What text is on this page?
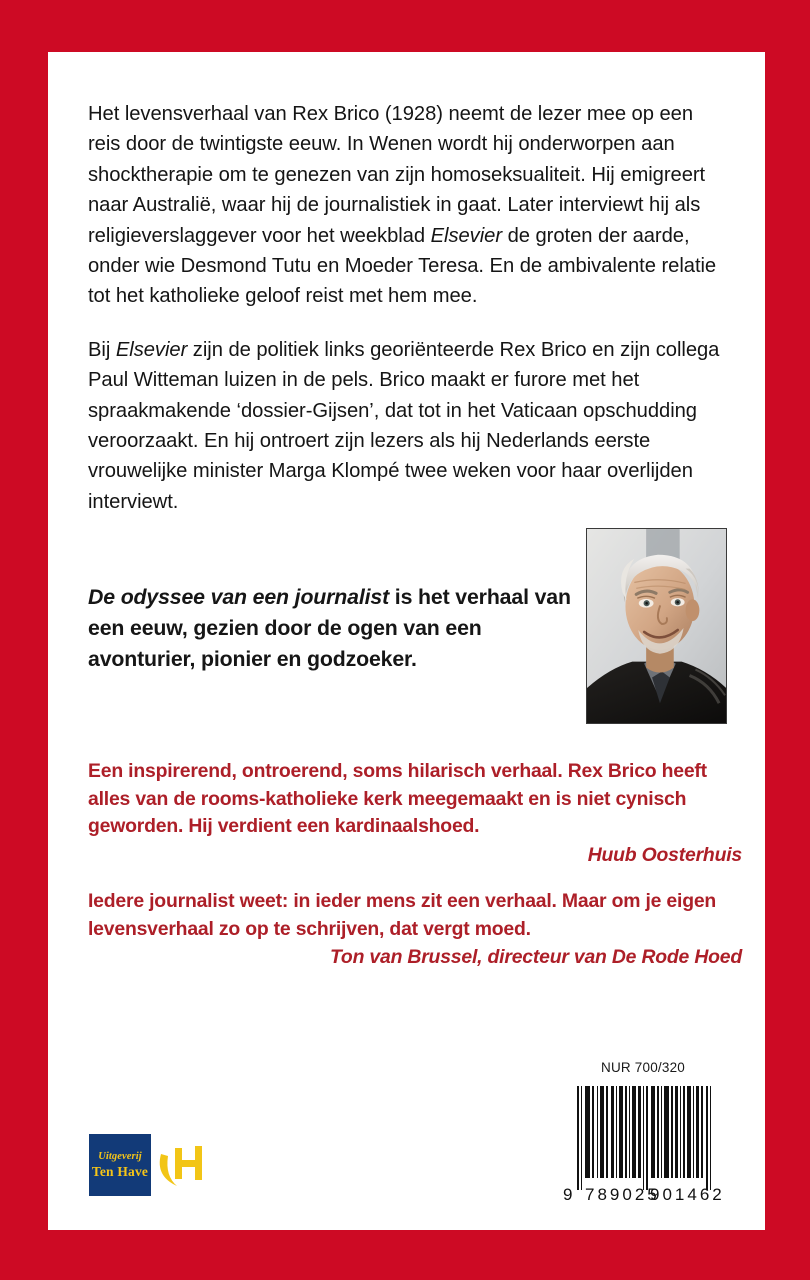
Het levensverhaal van Rex Brico (1928) neemt de lezer mee op een reis door de twintigste eeuw. In Wenen wordt hij onderworpen aan shocktherapie om te genezen van zijn homoseksualiteit. Hij emigreert naar Australië, waar hij de journalistiek in gaat. Later interviewt hij als religieverslaggever voor het weekblad Elsevier de groten der aarde, onder wie Desmond Tutu en Moeder Teresa. En de ambivalente relatie tot het katholieke geloof reist met hem mee.

Bij Elsevier zijn de politiek links georiënteerde Rex Brico en zijn collega Paul Witteman luizen in de pels. Brico maakt er furore met het spraakmakende ‘dossier-Gijsen’, dat tot in het Vaticaan opschudding veroorzaakt. En hij ontroert zijn lezers als hij Nederlands eerste vrouwelijke minister Marga Klompé twee weken voor haar overlijden interviewt.

De odyssee van een journalist is het verhaal van een eeuw, gezien door de ogen van een avonturier, pionier en godzoeker.
Een inspirerend, ontroerend, soms hilarisch verhaal. Rex Brico heeft alles van de rooms-katholieke kerk meegemaakt en is niet cynisch geworden. Hij verdient een kardinaalshoed.
Huub Oosterhuis
Iedere journalist weet: in ieder mens zit een verhaal. Maar om je eigen levensverhaal zo op te schrijven, dat vergt moed.
Ton van Brussel, directeur van De Rode Hoed
NUR 700/320
9 789025
901462
Uitgeverij
Ten Have
